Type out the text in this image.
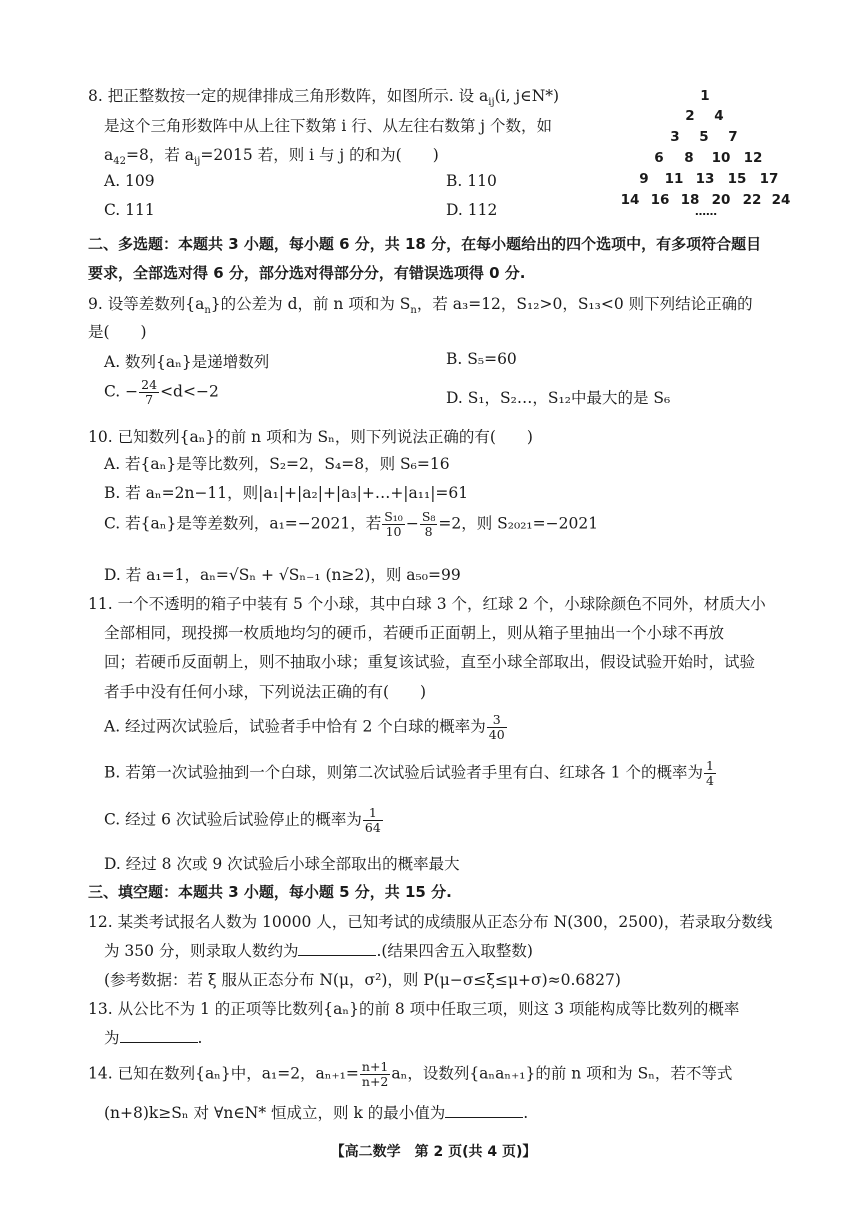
8. 把正整数按一定的规律排成三角形数阵，如图所示. 设 $a_{ij}(i$, j∈N*)
是这个三角形数阵中从上往下数第 i 行、从左往右数第 j 个数，如
$a_{42}=8$，若 $a_{ij}=2015$ 若，则 i 与 j 的和为(　　)
A. 109	B. 110
C. 111	D. 112
1
2	4
3	5	7
6	8	10 12
9	11 13 15 17
14 16 18 20 22 24
……
二、多选题：本题共 3 小题，每小题 6 分，共 18 分，在每小题给出的四个选项中，有多项符合题目
要求，全部选对得 6 分，部分选对得部分分，有错误选项得 0 分.
9. 设等差数列$\{a_n\}$的公差为 d，前 n 项和为 $S_n$，若 a₃=12，S₁₂>0，S₁₃<0 则下列结论正确的
是(　　)
A. 数列{aₙ}是递增数列	B. S₅=60
C. − $\frac{24}{7} <d<-2$	D. S₁，S₂…，S₁₂中最大的是 S₆
10. 已知数列{aₙ}的前 n 项和为 Sₙ，则下列说法正确的有(　　)
A. 若{aₙ}是等比数列，S₂=2，S₄=8，则 S₆=16
B. 若 aₙ=2n−11，则|a₁|+|a₂|+|a₃|+…+|a₁₁|=61
C. 若{aₙ}是等差数列，a₁=−2021，若 $\frac{\text{S₁₀}}{10} - \frac{\text{S₈}}{8} =2$，则 S₂₀₂₁=−2021
D. 若 a₁=1，aₙ=√Sₙ + √Sₙ₋₁ (n≥2)，则 a₅₀=99
11. 一个不透明的箱子中装有 5 个小球，其中白球 3 个，红球 2 个，小球除颜色不同外，材质大小
全部相同，现投掷一枚质地均匀的硬币，若硬币正面朝上，则从箱子里抽出一个小球不再放
回；若硬币反面朝上，则不抽取小球；重复该试验，直至小球全部取出，假设试验开始时，试验
者手中没有任何小球，下列说法正确的有(　　)
A. 经过两次试验后，试验者手中恰有 2 个白球的概率为 $\frac{3}{40}$
B. 若第一次试验抽到一个白球，则第二次试验后试验者手里有白、红球各 1 个的概率为 $\frac{1}{4}$
C. 经过 6 次试验后试验停止的概率为 $\frac{1}{64}$
D. 经过 8 次或 9 次试验后小球全部取出的概率最大
三、填空题：本题共 3 小题，每小题 5 分，共 15 分.
12. 某类考试报名人数为 10000 人，已知考试的成绩服从正态分布 N(300，2500)，若录取分数线
为 350 分，则录取人数约为	.(结果四舍五入取整数)
(参考数据：若 ξ 服从正态分布 N(μ，σ²)，则 P(μ−σ≤ξ≤μ+σ)≈0.6827)
13. 从公比不为 1 的正项等比数列{aₙ}的前 8 项中任取三项，则这 3 项能构成等比数列的概率
为	.
14. 已知在数列{aₙ}中，a₁=2，$a_{n+1}= \frac{n+1}{n+2}$ aₙ，设数列{aₙaₙ₊₁}的前 n 项和为 Sₙ，若不等式
(n+8)k≥Sₙ 对 ∀n∈N* 恒成立，则 k 的最小值为	.
【高二数学　第 2 页(共 4 页)】
